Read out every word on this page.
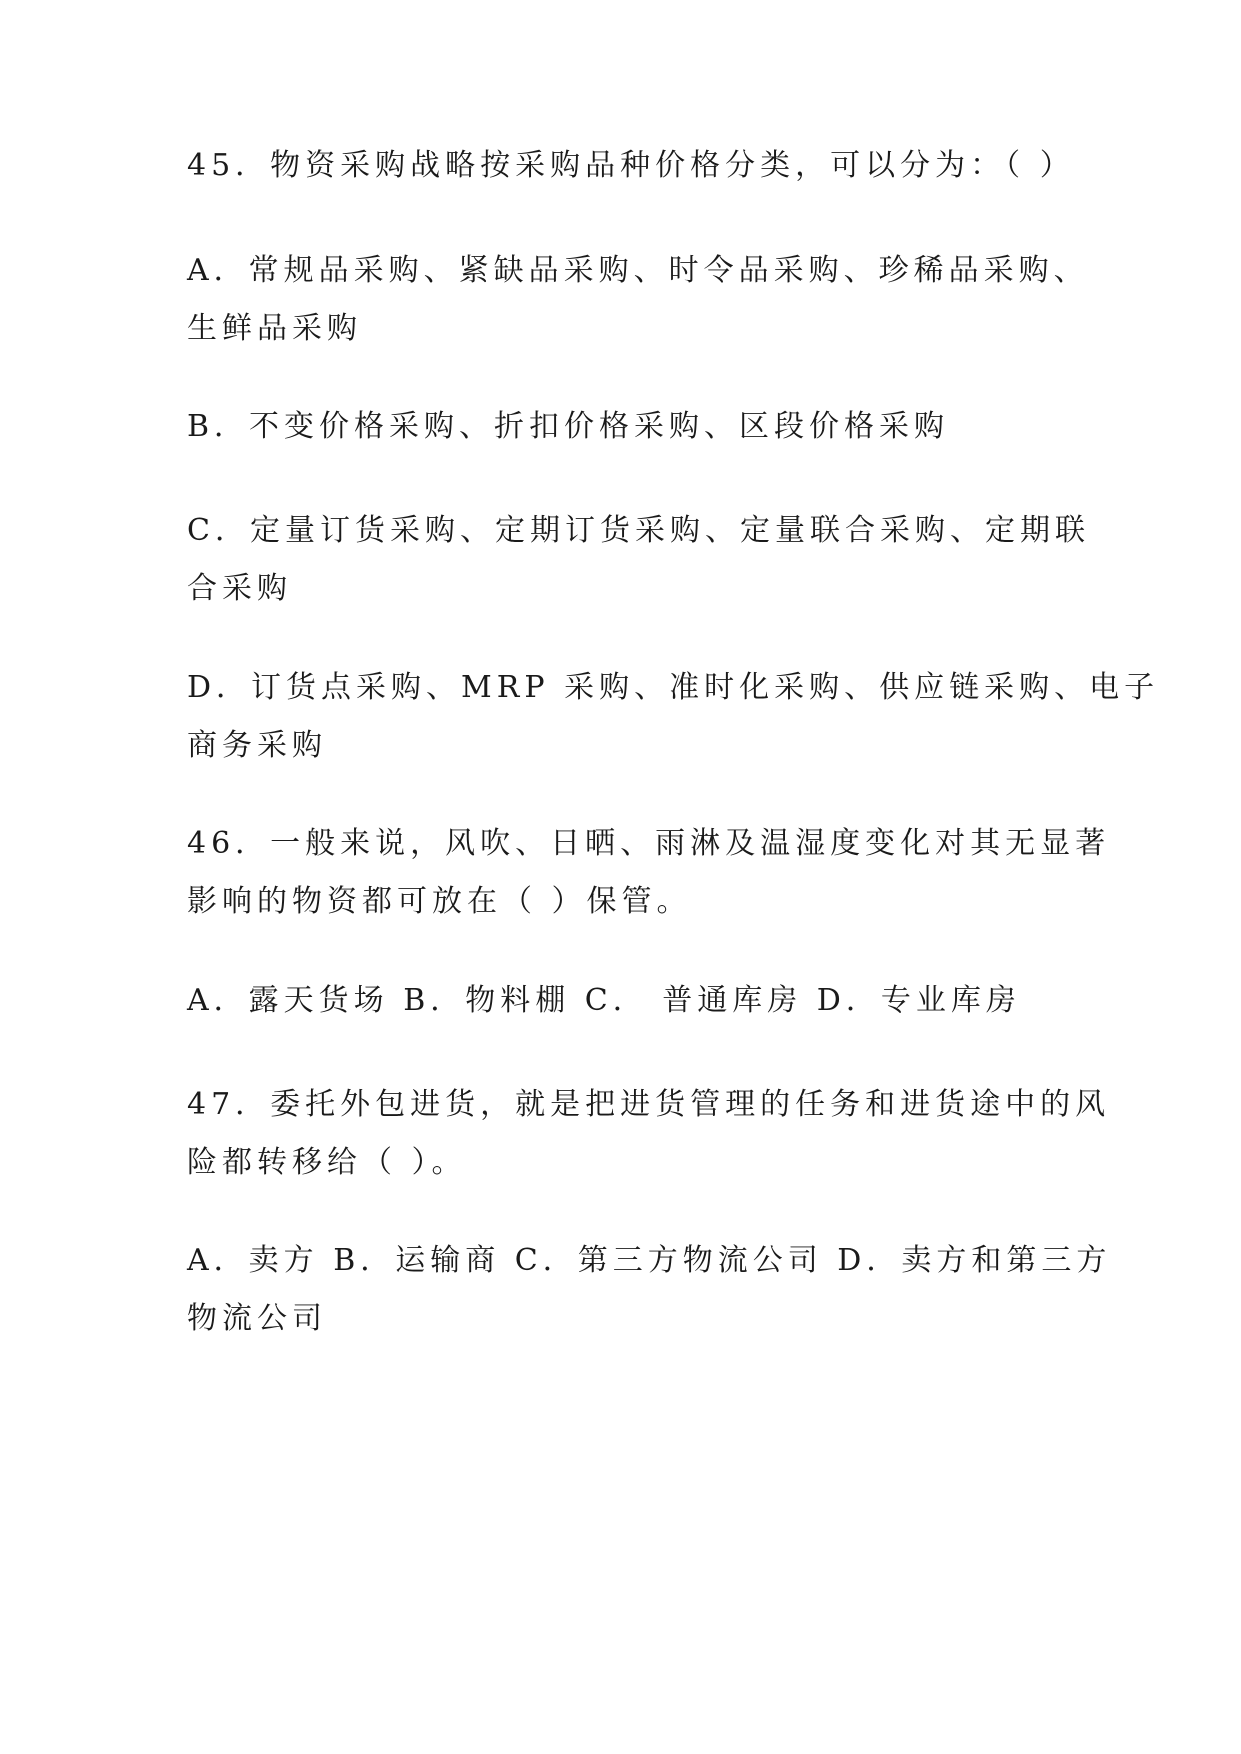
45．物资采购战略按采购品种价格分类，可以分为：（ ）

A．常规品采购、紧缺品采购、时令品采购、珍稀品采购、
生鲜品采购

B．不变价格采购、折扣价格采购、区段价格采购

C．定量订货采购、定期订货采购、定量联合采购、定期联
合采购

D．订货点采购、MRP 采购、准时化采购、供应链采购、电子
商务采购

46．一般来说，风吹、日晒、雨淋及温湿度变化对其无显著
影响的物资都可放在（ ）保管。

A．露天货场 B．物料棚 C． 普通库房 D．专业库房

47．委托外包进货，就是把进货管理的任务和进货途中的风
险都转移给（ ）。

A．卖方 B．运输商 C．第三方物流公司 D．卖方和第三方
物流公司
